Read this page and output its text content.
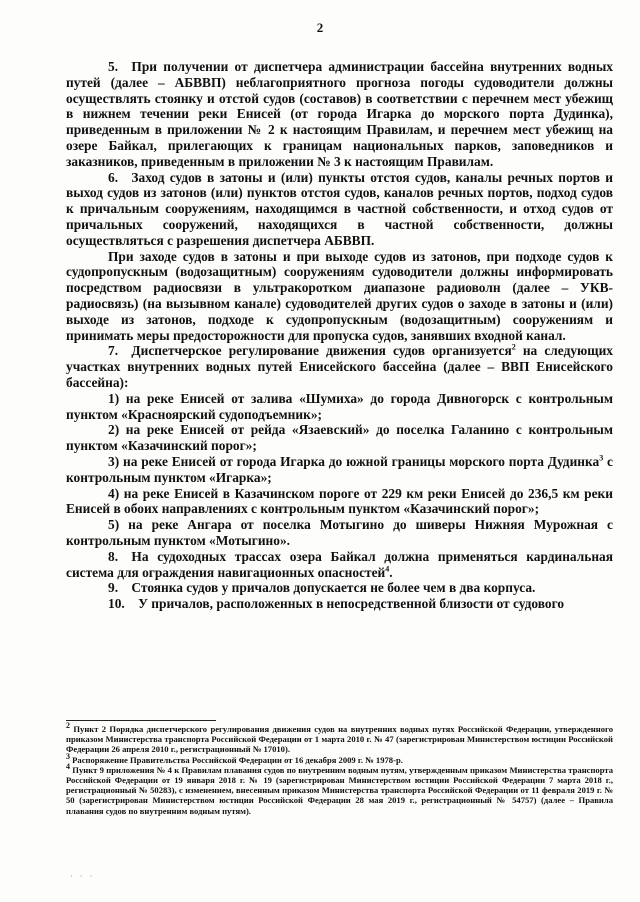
2

5. При получении от диспетчера администрации бассейна внутренних водных путей (далее – АБВВП) неблагоприятного прогноза погоды судоводители должны осуществлять стоянку и отстой судов (составов) в соответствии с перечнем мест убежищ в нижнем течении реки Енисей (от города Игарка до морского порта Дудинка), приведенным в приложении № 2 к настоящим Правилам, и перечнем мест убежищ на озере Байкал, прилегающих к границам национальных парков, заповедников и заказников, приведенным в приложении № 3 к настоящим Правилам.

6. Заход судов в затоны и (или) пункты отстоя судов, каналы речных портов и выход судов из затонов (или) пунктов отстоя судов, каналов речных портов, подход судов к причальным сооружениям, находящимся в частной собственности, и отход судов от причальных сооружений, находящихся в частной собственности, должны осуществляться с разрешения диспетчера АБВВП.

При заходе судов в затоны и при выходе судов из затонов, при подходе судов к судопропускным (водозащитным) сооружениям судоводители должны информировать посредством радиосвязи в ультракоротком диапазоне радиоволн (далее – УКВ-радиосвязь) (на вызывном канале) судоводителей других судов о заходе в затоны и (или) выходе из затонов, подходе к судопропускным (водозащитным) сооружениям и принимать меры предосторожности для пропуска судов, занявших входной канал.

7. Диспетчерское регулирование движения судов организуется$^2$ на следующих участках внутренних водных путей Енисейского бассейна (далее – ВВП Енисейского бассейна):

1) на реке Енисей от залива «Шумиха» до города Дивногорск с контрольным пунктом «Красноярский судоподъемник»;

2) на реке Енисей от рейда «Язаевский» до поселка Галанино с контрольным пунктом «Казачинский порог»;

3) на реке Енисей от города Игарка до южной границы морского порта Дудинка$^3$ с контрольным пунктом «Игарка»;

4) на реке Енисей в Казачинском пороге от 229 км реки Енисей до 236,5 км реки Енисей в обоих направлениях с контрольным пунктом «Казачинский порог»;

5) на реке Ангара от поселка Мотыгино до шиверы Нижняя Мурожная с контрольным пунктом «Мотыгино».

8. На судоходных трассах озера Байкал должна применяться кардинальная система для ограждения навигационных опасностей$^4$.

9. Стоянка судов у причалов допускается не более чем в два корпуса.

10. У причалов, расположенных в непосредственной близости от судового

$^2$ Пункт 2 Порядка диспетчерского регулирования движения судов на внутренних водных путях Российской Федерации, утвержденного приказом Министерства транспорта Российской Федерации от 1 марта 2010 г. № 47 (зарегистрирован Министерством юстиции Российской Федерации 26 апреля 2010 г., регистрационный № 17010).

$^3$ Распоряжение Правительства Российской Федерации от 16 декабря 2009 г. № 1978-р.

$^4$ Пункт 9 приложения № 4 к Правилам плавания судов по внутренним водным путям, утвержденным приказом Министерства транспорта Российской Федерации от 19 января 2018 г. № 19 (зарегистрирован Министерством юстиции Российской Федерации 7 марта 2018 г., регистрационный № 50283), с изменением, внесенным приказом Министерства транспорта Российской Федерации от 11 февраля 2019 г. № 50 (зарегистрирован Министерством юстиции Российской Федерации 28 мая 2019 г., регистрационный № 54757) (далее – Правила плавания судов по внутренним водным путям).

· · ·
